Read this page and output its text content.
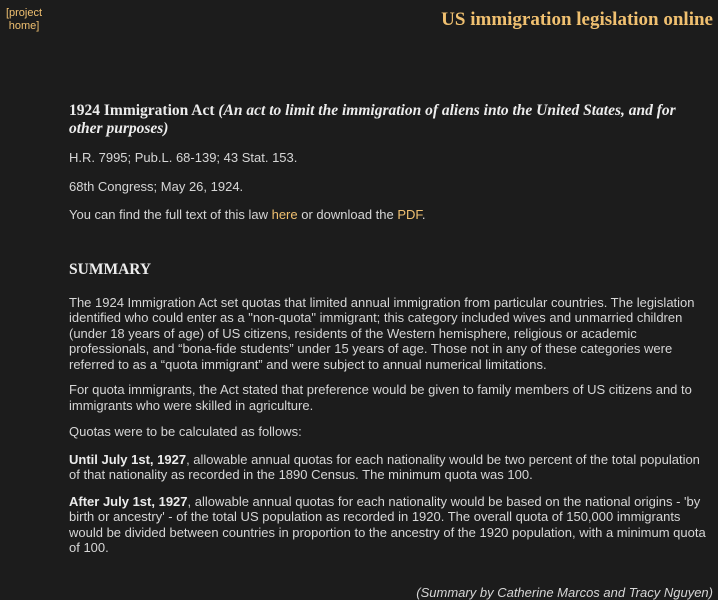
[project
home]	US immigration legislation online
1924 Immigration Act (An act to limit the immigration of aliens into the United States, and for other purposes)

H.R. 7995; Pub.L. 68-139; 43 Stat. 153.

68th Congress; May 26, 1924.

You can find the full text of this law here or download the PDF.

SUMMARY

The 1924 Immigration Act set quotas that limited annual immigration from particular countries. The legislation identified who could enter as a "non-quota" immigrant; this category included wives and unmarried children (under 18 years of age) of US citizens, residents of the Western hemisphere, religious or academic professionals, and “bona-fide students” under 15 years of age. Those not in any of these categories were referred to as a “quota immigrant” and were subject to annual numerical limitations.

For quota immigrants, the Act stated that preference would be given to family members of US citizens and to immigrants who were skilled in agriculture.

Quotas were to be calculated as follows:

Until July 1st, 1927, allowable annual quotas for each nationality would be two percent of the total population of that nationality as recorded in the 1890 Census. The minimum quota was 100.

After July 1st, 1927, allowable annual quotas for each nationality would be based on the national origins - 'by birth or ancestry' - of the total US population as recorded in 1920. The overall quota of 150,000 immigrants would be divided between countries in proportion to the ancestry of the 1920 population, with a minimum quota of 100.

(Summary by Catherine Marcos and Tracy Nguyen)
